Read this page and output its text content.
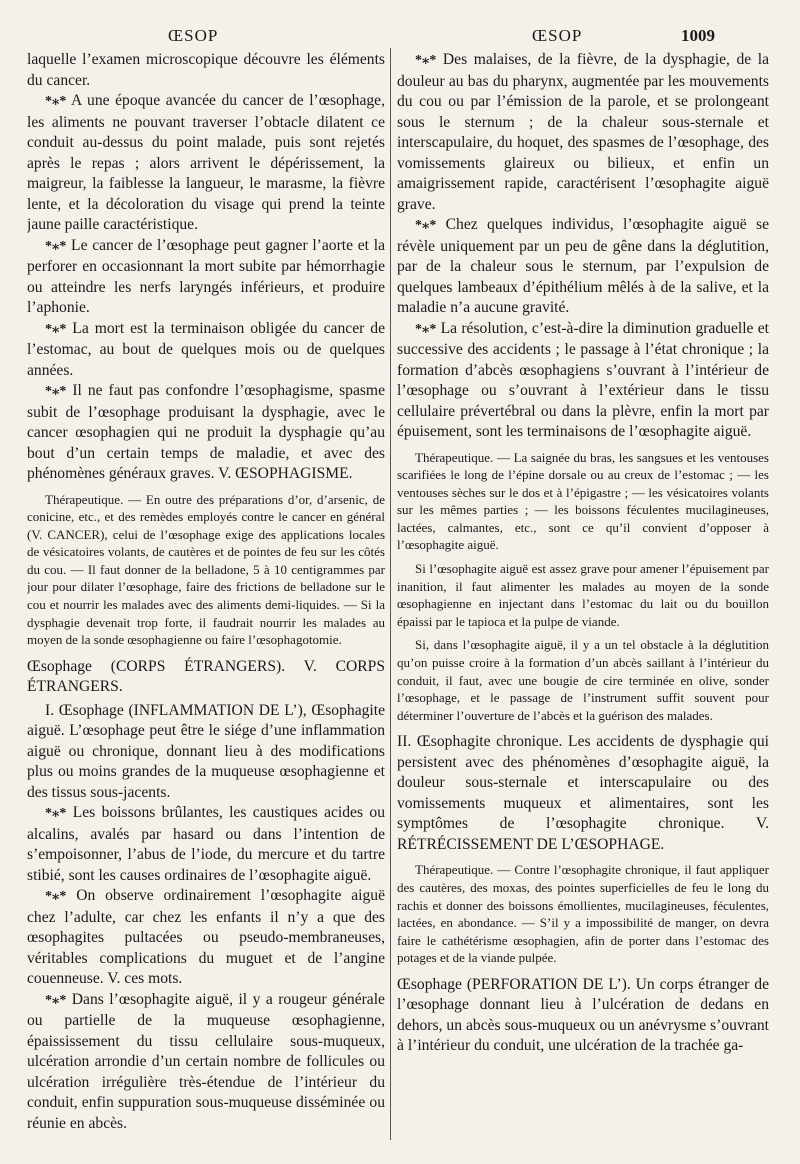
ŒSOP	ŒSOP	1009

laquelle l’examen microscopique découvre les éléments du cancer.

*⁎* A une époque avancée du cancer de l’œsophage, les aliments ne pouvant traverser l’obtacle dilatent ce conduit au-dessus du point malade, puis sont rejetés après le repas ; alors arrivent le dépérissement, la maigreur, la faiblesse la langueur, le marasme, la fièvre lente, et la décoloration du visage qui prend la teinte jaune paille caractéristique.

*⁎* Le cancer de l’œsophage peut gagner l’aorte et la perforer en occasionnant la mort subite par hémorrhagie ou atteindre les nerfs laryngés inférieurs, et produire l’aphonie.

*⁎* La mort est la terminaison obligée du cancer de l’estomac, au bout de quelques mois ou de quelques années.

*⁎* Il ne faut pas confondre l’œsophagisme, spasme subit de l’œsophage produisant la dysphagie, avec le cancer œsophagien qui ne produit la dysphagie qu’au bout d’un certain temps de maladie, et avec des phénomènes généraux graves. V. ŒSOPHAGISME.

Thérapeutique. — En outre des préparations d’or, d’arsenic, de conicine, etc., et des remèdes employés contre le cancer en général (V. CANCER), celui de l’œsophage exige des applications locales de vésicatoires volants, de cautères et de pointes de feu sur les côtés du cou. — Il faut donner de la belladone, 5 à 10 centigrammes par jour pour dilater l’œsophage, faire des frictions de belladone sur le cou et nourrir les malades avec des aliments demi-liquides. — Si la dysphagie devenait trop forte, il faudrait nourrir les malades au moyen de la sonde œsophagienne ou faire l’œsophagotomie.

Œsophage (CORPS ÉTRANGERS). V. CORPS ÉTRANGERS.

I. Œsophage (INFLAMMATION DE L’), Œsophagite aiguë. L’œsophage peut être le siége d’une inflammation aiguë ou chronique, donnant lieu à des modifications plus ou moins grandes de la muqueuse œsophagienne et des tissus sous-jacents.

*⁎* Les boissons brûlantes, les caustiques acides ou alcalins, avalés par hasard ou dans l’intention de s’empoisonner, l’abus de l’iode, du mercure et du tartre stibié, sont les causes ordinaires de l’œsophagite aiguë.

*⁎* On observe ordinairement l’œsophagite aiguë chez l’adulte, car chez les enfants il n’y a que des œsophagites pultacées ou pseudo-membraneuses, véritables complications du muguet et de l’angine couenneuse. V. ces mots.

*⁎* Dans l’œsophagite aiguë, il y a rougeur générale ou partielle de la muqueuse œsophagienne, épaississement du tissu cellulaire sous-muqueux, ulcération arrondie d’un certain nombre de follicules ou ulcération irrégulière très-étendue de l’intérieur du conduit, enfin suppuration sous-muqueuse disséminée ou réunie en abcès.

*⁎* Des malaises, de la fièvre, de la dysphagie, de la douleur au bas du pharynx, augmentée par les mouvements du cou ou par l’émission de la parole, et se prolongeant sous le sternum ; de la chaleur sous-sternale et interscapulaire, du hoquet, des spasmes de l’œsophage, des vomissements glaireux ou bilieux, et enfin un amaigrissement rapide, caractérisent l’œsophagite aiguë grave.

*⁎* Chez quelques individus, l’œsophagite aiguë se révèle uniquement par un peu de gêne dans la déglutition, par de la chaleur sous le sternum, par l’expulsion de quelques lambeaux d’épithélium mêlés à de la salive, et la maladie n’a aucune gravité.

*⁎* La résolution, c’est-à-dire la diminution graduelle et successive des accidents ; le passage à l’état chronique ; la formation d’abcès œsophagiens s’ouvrant à l’intérieur de l’œsophage ou s’ouvrant à l’extérieur dans le tissu cellulaire prévertébral ou dans la plèvre, enfin la mort par épuisement, sont les terminaisons de l’œsophagite aiguë.

Thérapeutique. — La saignée du bras, les sangsues et les ventouses scarifiées le long de l’épine dorsale ou au creux de l’estomac ; — les ventouses sèches sur le dos et à l’épigastre ; — les vésicatoires volants sur les mêmes parties ; — les boissons féculentes mucilagineuses, lactées, calmantes, etc., sont ce qu’il convient d’opposer à l’œsophagite aiguë.

Si l’œsophagite aiguë est assez grave pour amener l’épuisement par inanition, il faut alimenter les malades au moyen de la sonde œsophagienne en injectant dans l’estomac du lait ou du bouillon épaissi par le tapioca et la pulpe de viande.

Si, dans l’œsophagite aiguë, il y a un tel obstacle à la déglutition qu’on puisse croire à la formation d’un abcès saillant à l’intérieur du conduit, il faut, avec une bougie de cire terminée en olive, sonder l’œsophage, et le passage de l’instrument suffit souvent pour déterminer l’ouverture de l’abcès et la guérison des malades.

II. Œsophagite chronique. Les accidents de dysphagie qui persistent avec des phénomènes d’œsophagite aiguë, la douleur sous-sternale et interscapulaire ou des vomissements muqueux et alimentaires, sont les symptômes de l’œsophagite chronique. V. RÉTRÉCISSEMENT DE L’ŒSOPHAGE.

Thérapeutique. — Contre l’œsophagite chronique, il faut appliquer des cautères, des moxas, des pointes superficielles de feu le long du rachis et donner des boissons émollientes, mucilagineuses, féculentes, lactées, en abondance. — S’il y a impossibilité de manger, on devra faire le cathétérisme œsophagien, afin de porter dans l’estomac des potages et de la viande pulpée.

Œsophage (PERFORATION DE L’). Un corps étranger de l’œsophage donnant lieu à l’ulcération de dedans en dehors, un abcès sous-muqueux ou un anévrysme s’ouvrant à l’intérieur du conduit, une ulcération de la trachée ga-
